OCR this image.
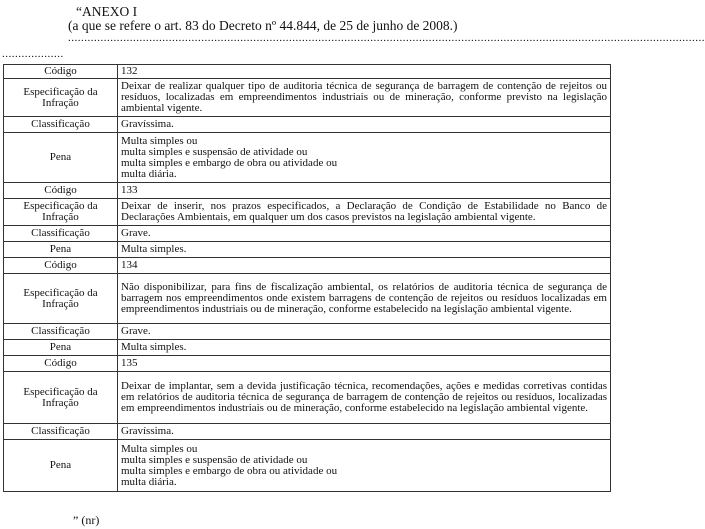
“ANEXO I
(a que se refere o art. 83 do Decreto nº 44.844, de 25 de junho de 2008.)
....................................................................................................................................................................................................
...................
Código	132
Especificação da Infração	Deixar de realizar qualquer tipo de auditoria técnica de segurança de barragem de contenção de rejeitos ou resíduos, localizadas em empreendimentos industriais ou de mineração, conforme previsto na legislação ambiental vigente.
Classificação	Gravíssima.
Pena	Multa simples ou
multa simples e suspensão de atividade ou
multa simples e embargo de obra ou atividade ou
multa diária.

Código	133
Especificação da Infração	Deixar de inserir, nos prazos especificados, a Declaração de Condição de Estabilidade no Banco de Declarações Ambientais, em qualquer um dos casos previstos na legislação ambiental vigente.
Classificação	Grave.
Pena	Multa simples.
Código	134
Especificação da Infração	Não disponibilizar, para fins de fiscalização ambiental, os relatórios de auditoria técnica de segurança de barragem nos empreendimentos onde existem barragens de contenção de rejeitos ou resíduos localizadas em empreendimentos industriais ou de mineração, conforme estabelecido na legislação ambiental vigente.
Classificação	Grave.
Pena	Multa simples.
Código	135
Especificação da Infração	Deixar de implantar, sem a devida justificação técnica, recomendações, ações e medidas corretivas contidas em relatórios de auditoria técnica de segurança de barragem de contenção de rejeitos ou resíduos, localizadas em empreendimentos industriais ou de mineração, conforme estabelecido na legislação ambiental vigente.
Classificação	Gravíssima.
Pena	Multa simples ou
multa simples e suspensão de atividade ou
multa simples e embargo de obra ou atividade ou
multa diária.
” (nr)
